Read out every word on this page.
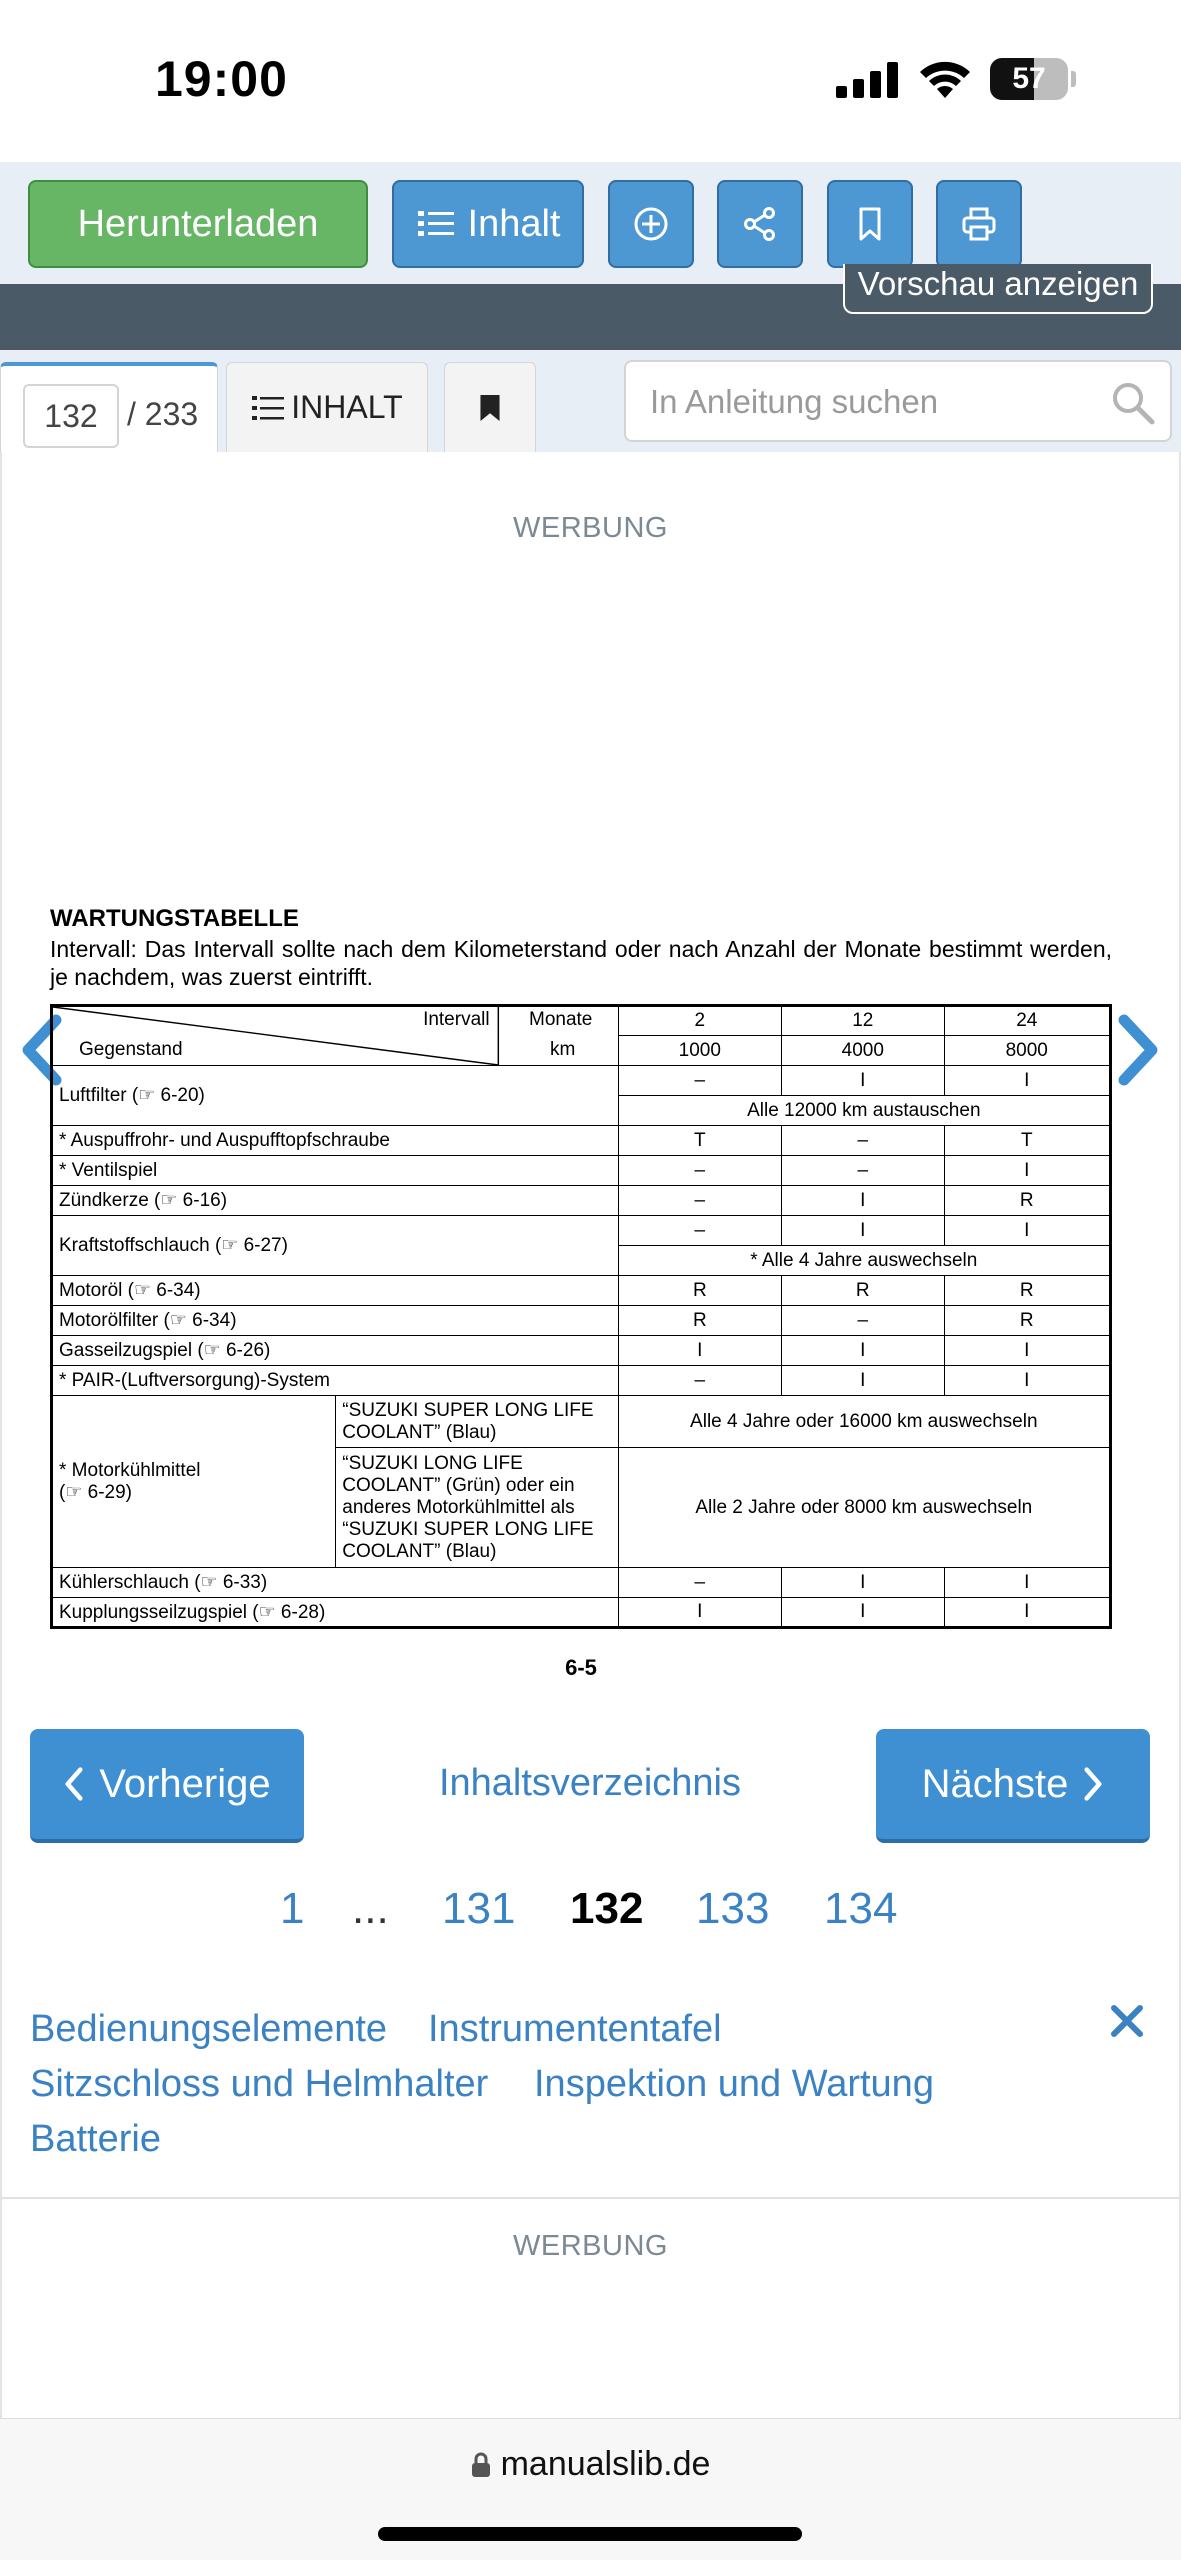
19:00	57
Herunterladen	Inhalt
Vorschau anzeigen
132 / 233	INHALT
In Anleitung suchen
WERBUNG
WARTUNGSTABELLE
Intervall: Das Intervall sollte nach dem Kilometerstand oder nach Anzahl der Monate bestimmt werden, je nachdem, was zuerst eintrifft.
Intervall
Gegenstand
Monate
km		2	12	24
		1000	4000	8000
Luftfilter (☞ 6-20)		–	I	I
		Alle 12000 km austauschen		
* Auspuffrohr- und Auspufftopfschraube		T	–	T
* Ventilspiel		–	–	I
Zündkerze (☞ 6-16)		–	I	R
Kraftstoffschlauch (☞ 6-27)		–	I	I
		* Alle 4 Jahre auswechseln		
Motoröl (☞ 6-34)		R	R	R
Motorölfilter (☞ 6-34)		R	–	R
Gasseilzugspiel (☞ 6-26)		I	I	I
* PAIR-(Luftversorgung)-System		–	I	I
* Motorkühlmittel
(☞ 6-29)	“SUZUKI SUPER LONG LIFE COOLANT” (Blau)	Alle 4 Jahre oder 16000 km auswechseln		
	“SUZUKI LONG LIFE COOLANT” (Grün) oder ein anderes Motorkühlmittel als “SUZUKI SUPER LONG LIFE COOLANT” (Blau)	Alle 2 Jahre oder 8000 km auswechseln		
Kühlerschlauch (☞ 6-33)		–	I	I
Kupplungsseilzugspiel (☞ 6-28)		I	I	I
6-5
Vorherige	Inhaltsverzeichnis	Nächste
1 ... 131 132 133 134
Bedienungselemente Instrumententafel
Sitzschloss und Helmhalter Inspektion und Wartung
Batterie
WERBUNG
manualslib.de
